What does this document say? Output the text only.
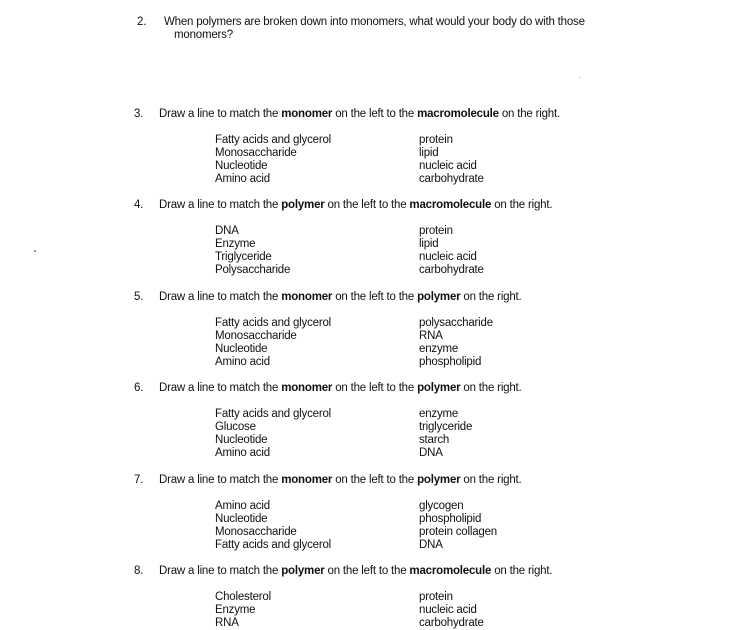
2. When polymers are broken down into monomers, what would your body do with those
monomers?
3. Draw a line to match the monomer on the left to the macromolecule on the right.
Fatty acids and glycerol
Monosaccharide
Nucleotide
Amino acid
protein
lipid
nucleic acid
carbohydrate
4. Draw a line to match the polymer on the left to the macromolecule on the right.
DNA
Enzyme
Triglyceride
Polysaccharide
protein
lipid
nucleic acid
carbohydrate
5. Draw a line to match the monomer on the left to the polymer on the right.
Fatty acids and glycerol
Monosaccharide
Nucleotide
Amino acid
polysaccharide
RNA
enzyme
phospholipid
6. Draw a line to match the monomer on the left to the polymer on the right.
Fatty acids and glycerol
Glucose
Nucleotide
Amino acid
enzyme
triglyceride
starch
DNA
7. Draw a line to match the monomer on the left to the polymer on the right.
Amino acid
Nucleotide
Monosaccharide
Fatty acids and glycerol
glycogen
phospholipid
protein collagen
DNA
8. Draw a line to match the polymer on the left to the macromolecule on the right.
Cholesterol
Enzyme
RNA
protein
nucleic acid
carbohydrate
